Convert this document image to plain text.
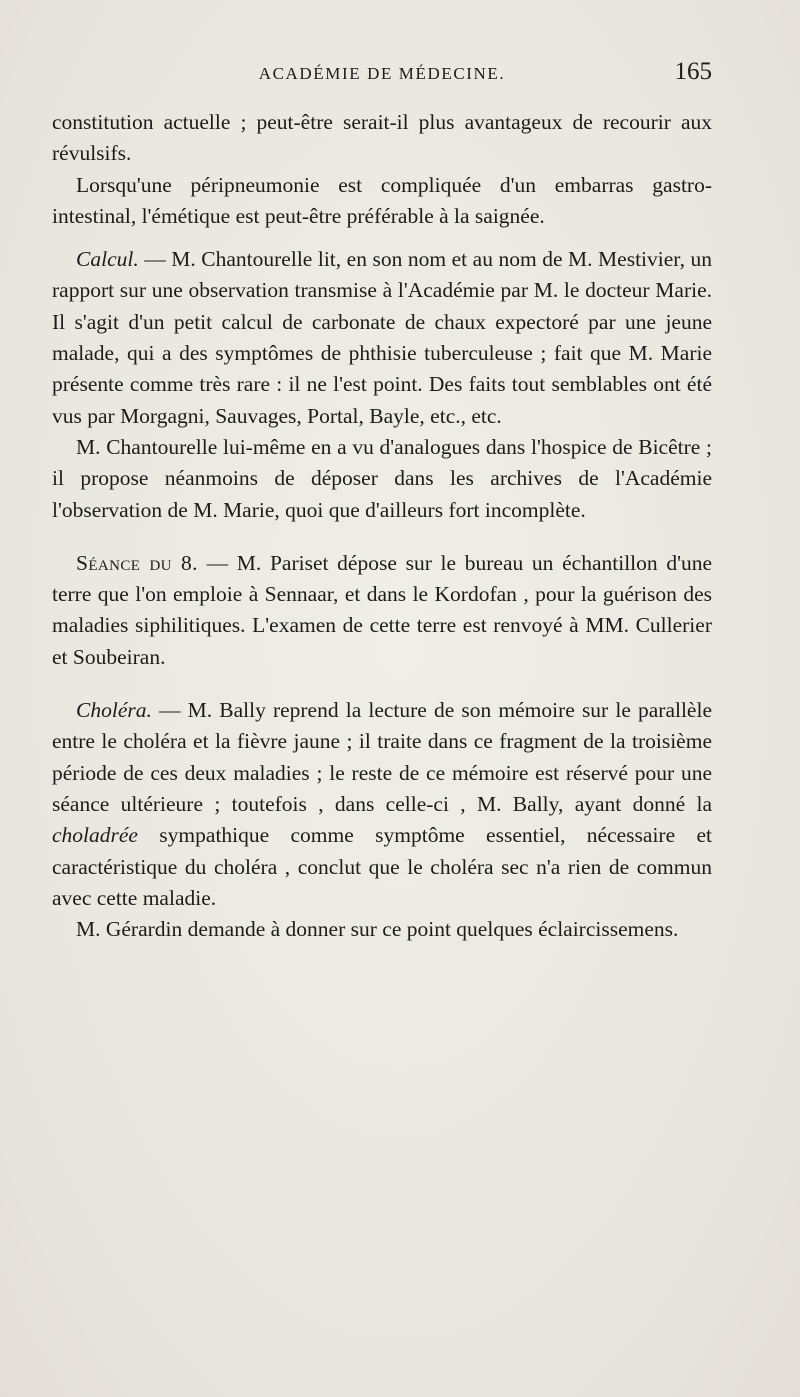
ACADÉMIE DE MÉDECINE.	165

constitution actuelle ; peut-être serait-il plus avantageux de recourir aux révulsifs.

Lorsqu'une péripneumonie est compliquée d'un embarras gastro-intestinal, l'émétique est peut-être préférable à la saignée.

Calcul. — M. Chantourelle lit, en son nom et au nom de M. Mestivier, un rapport sur une observation transmise à l'Académie par M. le docteur Marie. Il s'agit d'un petit calcul de carbonate de chaux expectoré par une jeune malade, qui a des symptômes de phthisie tuberculeuse ; fait que M. Marie présente comme très rare : il ne l'est point. Des faits tout semblables ont été vus par Morgagni, Sauvages, Portal, Bayle, etc., etc.

M. Chantourelle lui-même en a vu d'analogues dans l'hospice de Bicêtre ; il propose néanmoins de déposer dans les archives de l'Académie l'observation de M. Marie, quoi que d'ailleurs fort incomplète.

Séance du 8. — M. Pariset dépose sur le bureau un échantillon d'une terre que l'on emploie à Sennaar, et dans le Kordofan , pour la guérison des maladies siphilitiques. L'examen de cette terre est renvoyé à MM. Cullerier et Soubeiran.

Choléra. — M. Bally reprend la lecture de son mémoire sur le parallèle entre le choléra et la fièvre jaune ; il traite dans ce fragment de la troisième période de ces deux maladies ; le reste de ce mémoire est réservé pour une séance ultérieure ; toutefois , dans celle-ci , M. Bally, ayant donné la choladrée sympathique comme symptôme essentiel, nécessaire et caractéristique du choléra , conclut que le choléra sec n'a rien de commun avec cette maladie.

M. Gérardin demande à donner sur ce point quelques éclaircissemens.
